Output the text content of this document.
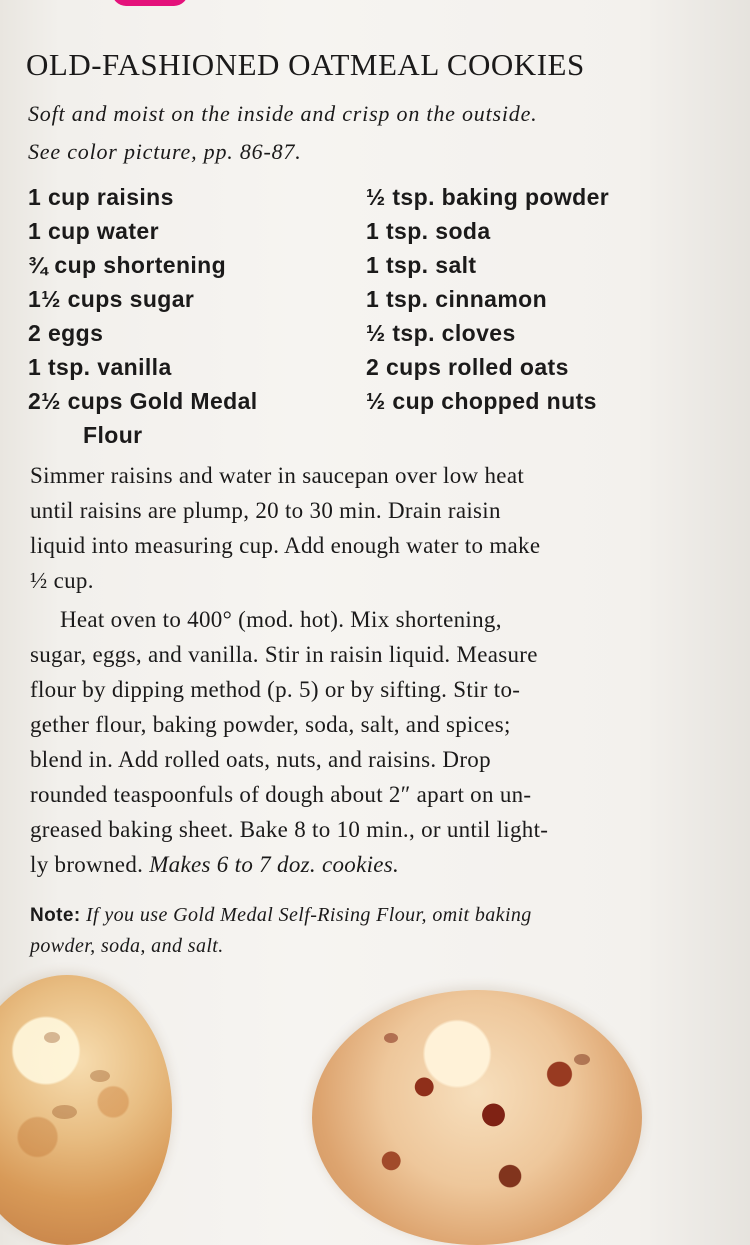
OLD-FASHIONED OATMEAL COOKIES

Soft and moist on the inside and crisp on the outside.

See color picture, pp. 86-87.

1 cup raisins
1 cup water
¾ cup shortening
1½ cups sugar
2 eggs
1 tsp. vanilla
2½ cups Gold Medal
Flour
½ tsp. baking powder
1 tsp. soda
1 tsp. salt
1 tsp. cinnamon
½ tsp. cloves
2 cups rolled oats
½ cup chopped nuts

Simmer raisins and water in saucepan over low heat
until raisins are plump, 20 to 30 min. Drain raisin
liquid into measuring cup. Add enough water to make
½ cup.

Heat oven to 400° (mod. hot). Mix shortening,
sugar, eggs, and vanilla. Stir in raisin liquid. Measure
flour by dipping method (p. 5) or by sifting. Stir to-
gether flour, baking powder, soda, salt, and spices;
blend in. Add rolled oats, nuts, and raisins. Drop
rounded teaspoonfuls of dough about 2″ apart on un-
greased baking sheet. Bake 8 to 10 min., or until light-
ly browned. Makes 6 to 7 doz. cookies.

Note: If you use Gold Medal Self-Rising Flour, omit baking
powder, soda, and salt.
